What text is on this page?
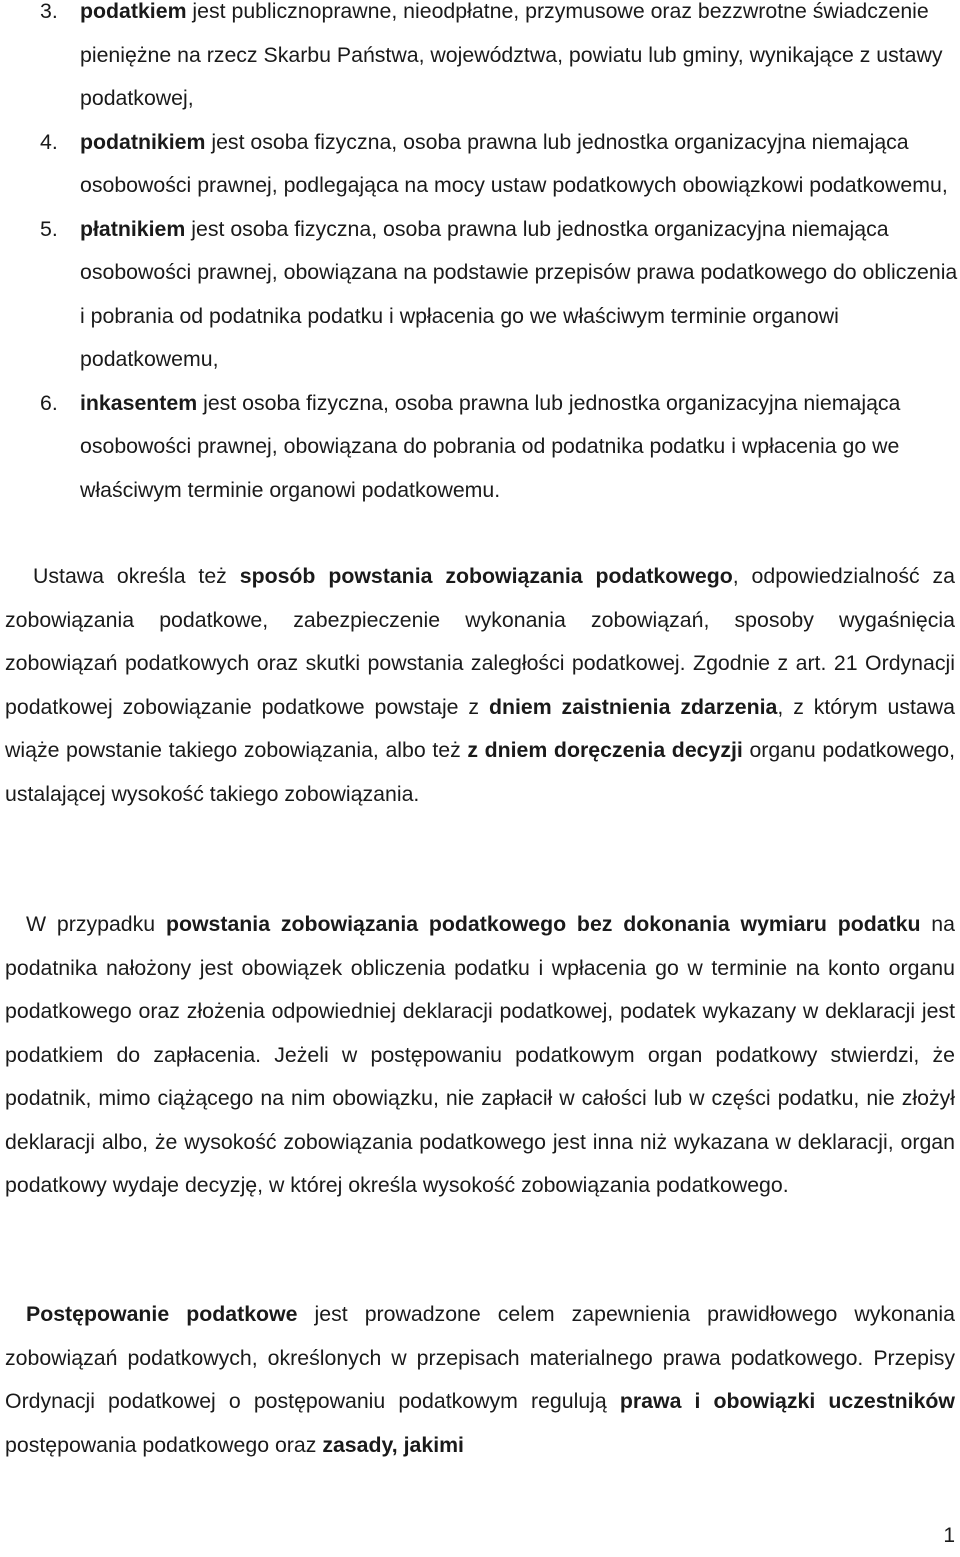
3. podatkiem jest publicznoprawne, nieodpłatne, przymusowe oraz bezzwrotne świadczenie pieniężne na rzecz Skarbu Państwa, województwa, powiatu lub gminy, wynikające z ustawy podatkowej,
4. podatnikiem jest osoba fizyczna, osoba prawna lub jednostka organizacyjna niemająca osobowości prawnej, podlegająca na mocy ustaw podatkowych obowiązkowi podatkowemu,
5. płatnikiem jest osoba fizyczna, osoba prawna lub jednostka organizacyjna niemająca osobowości prawnej, obowiązana na podstawie przepisów prawa podatkowego do obliczenia i pobrania od podatnika podatku i wpłacenia go we właściwym terminie organowi podatkowemu,
6. inkasentem jest osoba fizyczna, osoba prawna lub jednostka organizacyjna niemająca osobowości prawnej, obowiązana do pobrania od podatnika podatku i wpłacenia go we właściwym terminie organowi podatkowemu.

Ustawa określa też sposób powstania zobowiązania podatkowego, odpowiedzialność za zobowiązania podatkowe, zabezpieczenie wykonania zobowiązań, sposoby wygaśnięcia zobowiązań podatkowych oraz skutki powstania zaległości podatkowej. Zgodnie z art. 21 Ordynacji podatkowej zobowiązanie podatkowe powstaje z dniem zaistnienia zdarzenia, z którym ustawa wiąże powstanie takiego zobowiązania, albo też z dniem doręczenia decyzji organu podatkowego, ustalającej wysokość takiego zobowiązania.

W przypadku powstania zobowiązania podatkowego bez dokonania wymiaru podatku na podatnika nałożony jest obowiązek obliczenia podatku i wpłacenia go w terminie na konto organu podatkowego oraz złożenia odpowiedniej deklaracji podatkowej, podatek wykazany w deklaracji jest podatkiem do zapłacenia. Jeżeli w postępowaniu podatkowym organ podatkowy stwierdzi, że podatnik, mimo ciążącego na nim obowiązku, nie zapłacił w całości lub w części podatku, nie złożył deklaracji albo, że wysokość zobowiązania podatkowego jest inna niż wykazana w deklaracji, organ podatkowy wydaje decyzję, w której określa wysokość zobowiązania podatkowego.

Postępowanie podatkowe jest prowadzone celem zapewnienia prawidłowego wykonania zobowiązań podatkowych, określonych w przepisach materialnego prawa podatkowego. Przepisy Ordynacji podatkowej o postępowaniu podatkowym regulują prawa i obowiązki uczestników postępowania podatkowego oraz zasady, jakimi

1
